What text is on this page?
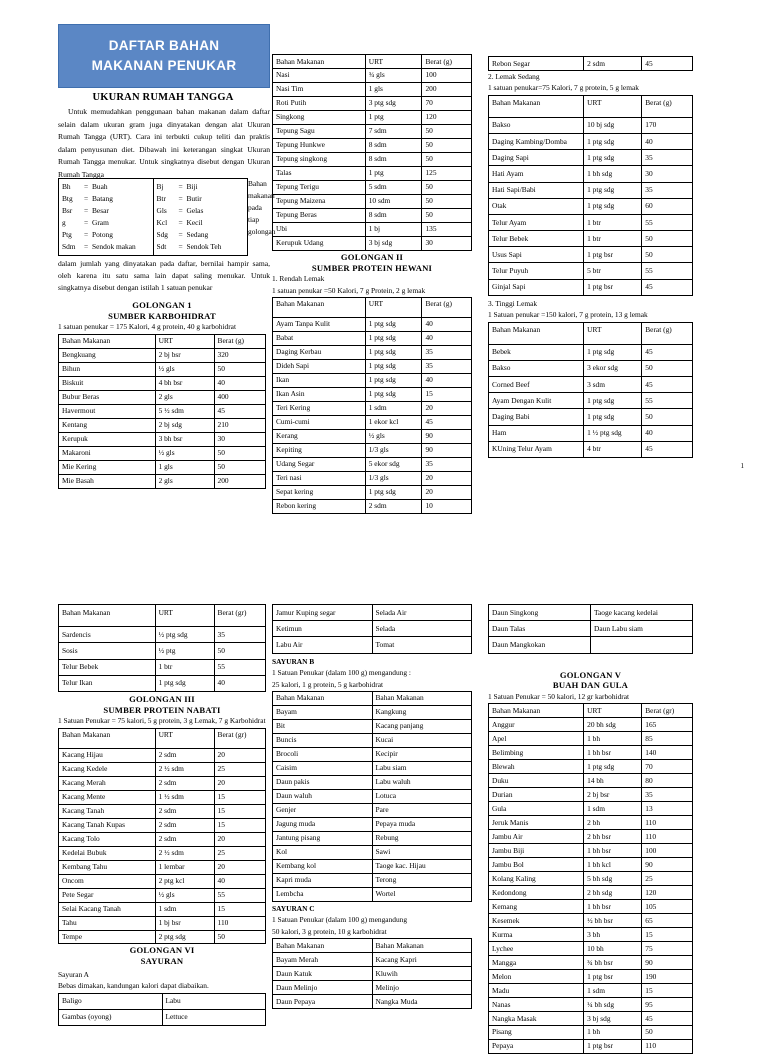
DAFTAR BAHAN
MAKANAN PENUKAR
UKURAN RUMAH TANGGA
Untuk memudahkan penggunaan bahan makanan dalam daftar selain dalam ukuran gram juga dinyatakan dengan alat Ukuran Rumah Tangga (URT). Cara ini terbukti cukup teliti dan praktis dalam penyusunan diet. Dibawah ini keterangan singkat Ukuran Rumah Tangga menukar. Untuk singkatnya disebut dengan Ukuran Rumah Tangga
Bh	= Buah
Btg	= Batang
Bsr	= Besar
g	= Gram
Ptg	= Potong
Sdm	= Sendok makan
Bj	= Biji
Btr	= Butir
Gls	= Gelas
Kcl	= Kecil
Sdg	= Sedang
Sdt	= Sendok Teh
Bahan makanan pada tiap golongan
dalam jumlah yang dinyatakan pada daftar, bernilai hampir sama, oleh karena itu satu sama lain dapat saling menukar. Untuk singkatnya disebut dengan istilah 1 satuan penukar
GOLONGAN 1
SUMBER KARBOHIDRAT
1 satuan penukar = 175 Kalori, 4 g protein, 40 g karbohidrat
Bahan Makanan	URT	Berat (g)
Bengkuang	2 bj bsr	320
Bihun	½ gls	50
Biskuit	4 bh bsr	40
Bubur Beras	2 gls	400
Havermout	5 ½ sdm	45
Kentang	2 bj sdg	210
Kerupuk	3 bh bsr	30
Makaroni	½ gls	50
Mie Kering	1 gls	50
Mie Basah	2 gls	200
Bahan Makanan	URT	Berat (g)
Nasi	¾ gls	100
Nasi Tim	1 gls	200
Roti Putih	3 ptg sdg	70
Singkong	1 ptg	120
Tepung Sagu	7 sdm	50
Tepung Hunkwe	8 sdm	50
Tepung singkong	8 sdm	50
Talas	1 ptg	125
Tepung Terigu	5 sdm	50
Tepung Maizena	10 sdm	50
Tepung Beras	8 sdm	50
Ubi	1 bj	135
Kerupuk Udang	3 bj sdg	30
GOLONGAN II
SUMBER PROTEIN HEWANI
1. Rendah Lemak
1 satuan penukar =50 Kalori, 7 g Protein, 2 g lemak
Bahan Makanan	URT	Berat (g)
Ayam Tanpa Kulit	1 ptg sdg	40
Babat	1 ptg sdg	40
Daging Kerbau	1 ptg sdg	35
Dideh Sapi	1 ptg sdg	35
Ikan	1 ptg sdg	40
Ikan Asin	1 ptg sdg	15
Teri Kering	1 sdm	20
Cumi-cumi	1 ekor kcl	45
Kerang	½ gls	90
Kepiting	1/3 gls	90
Udang Segar	5 ekor sdg	35
Teri nasi	1/3 gls	20
Sepat kering	1 ptg sdg	20
Rebon kering	2 sdm	10
Rebon Segar	2 sdm	45
2. Lemak Sedang
1 satuan penukar=75 Kalori, 7 g protein, 5 g lemak
Bahan Makanan	URT	Berat (g)
Bakso	10 bj sdg	170
Daging Kambing/Domba	1 ptg sdg	40
Daging Sapi	1 ptg sdg	35
Hati Ayam	1 bh sdg	30
Hati Sapi/Babi	1 ptg sdg	35
Otak	1 ptg sdg	60
Telur Ayam	1 btr	55
Telur Bebek	1 btr	50
Usus Sapi	1 ptg bsr	50
Telur Puyuh	5 btr	55
Ginjal Sapi	1 ptg bsr	45
3. Tinggi Lemak
1 Satuan penukar =150 kalori, 7 g protein, 13 g lemak
Bahan Makanan	URT	Berat (g)
Bebek	1 ptg sdg	45
Bakso	3 ekor sdg	50
Corned Beef	3 sdm	45
Ayam Dengan Kulit	1 ptg sdg	55
Daging Babi	1 ptg sdg	50
Ham	1 ½ ptg sdg	40
KUning Telur Ayam	4 btr	45
1
Bahan Makanan	URT	Berat (gr)
Sardencis	½ ptg sdg	35
Sosis	½ ptg	50
Telur Bebek	1 btr	55
Telur Ikan	1 ptg sdg	40
GOLONGAN III
SUMBER PROTEIN NABATI
1 Satuan Penukar = 75 kalori, 5 g protein, 3 g Lemak, 7 g Karbohidrat
Bahan Makanan	URT	Berat (gr)
Kacang Hijau	2 sdm	20
Kacang Kedele	2 ½ sdm	25
Kacang Merah	2 sdm	20
Kacang Mente	1 ½ sdm	15
Kacang Tanah	2 sdm	15
Kacang Tanah Kupas	2 sdm	15
Kacang Tolo	2 sdm	20
Kedelai Bubuk	2 ½ sdm	25
Kembang Tahu	1 lembar	20
Oncom	2 ptg kcl	40
Pete Segar	½ gls	55
Selai Kacang Tanah	1 sdm	15
Tahu	1 bj bsr	110
Tempe	2 ptg sdg	50
GOLONGAN VI
SAYURAN
Sayuran A
Bebas dimakan, kandungan kalori dapat diabaikan.
Baligo	Labu
Gambas (oyong)	Lettuce
Jamur Kuping segar	Selada Air
Ketimun	Selada
Labu Air	Tomat
SAYURAN B
1 Satuan Penukar (dalam 100 g) mengandung :
25 kalori, 1 g protein, 5 g karbohidrat
Bahan Makanan	Bahan Makanan
Bayam	Kangkung
Bit	Kacang panjang
Buncis	Kucai
Brocoli	Kecipir
Caisim	Labu siam
Daun pakis	Labu waluh
Daun waluh	Lotuca
Genjer	Pare
Jagung muda	Pepaya muda
Jantung pisang	Rebung
Kol	Sawi
Kembang kol	Taoge kac. Hijau
Kapri muda	Terong
Lembcha	Wortel
SAYURAN C
1 Satuan Penukar (dalam 100 g) mengandung
50 kalori, 3 g protein, 10 g karbohidrat
Bahan Makanan	Bahan Makanan
Bayam Merah	Kacang Kapri
Daun Katuk	Kluwih
Daun Melinjo	Melinjo
Daun Pepaya	Nangka Muda
Daun Singkong	Taoge kacang kedelai
Daun Talas	Daun Labu siam
Daun Mangkokan	
GOLONGAN V
BUAH DAN GULA
1 Satuan Penukar = 50 kalori, 12 gr karbohidrat
Bahan Makanan	URT	Berat (gr)
Anggur	20 bh sdg	165
Apel	1 bh	85
Belimbing	1 bh bsr	140
Blewah	1 ptg sdg	70
Duku	14 bh	80
Durian	2 bj bsr	35
Gula	1 sdm	13
Jeruk Manis	2 bh	110
Jambu Air	2 bh bsr	110
Jambu Biji	1 bh bsr	100
Jambu Bol	1 bh kcl	90
Kolang Kaling	5 bh sdg	25
Kedondong	2 bh sdg	120
Kemang	1 bh bsr	105
Kesemek	½ bh bsr	65
Kurma	3 bh	15
Lychee	10 bh	75
Mangga	¾ bh bsr	90
Melon	1 ptg bsr	190
Madu	1 sdm	15
Nanas	¼ bh sdg	95
Nangka Masak	3 bj sdg	45
Pisang	1 bh	50
Pepaya	1 ptg bsr	110
